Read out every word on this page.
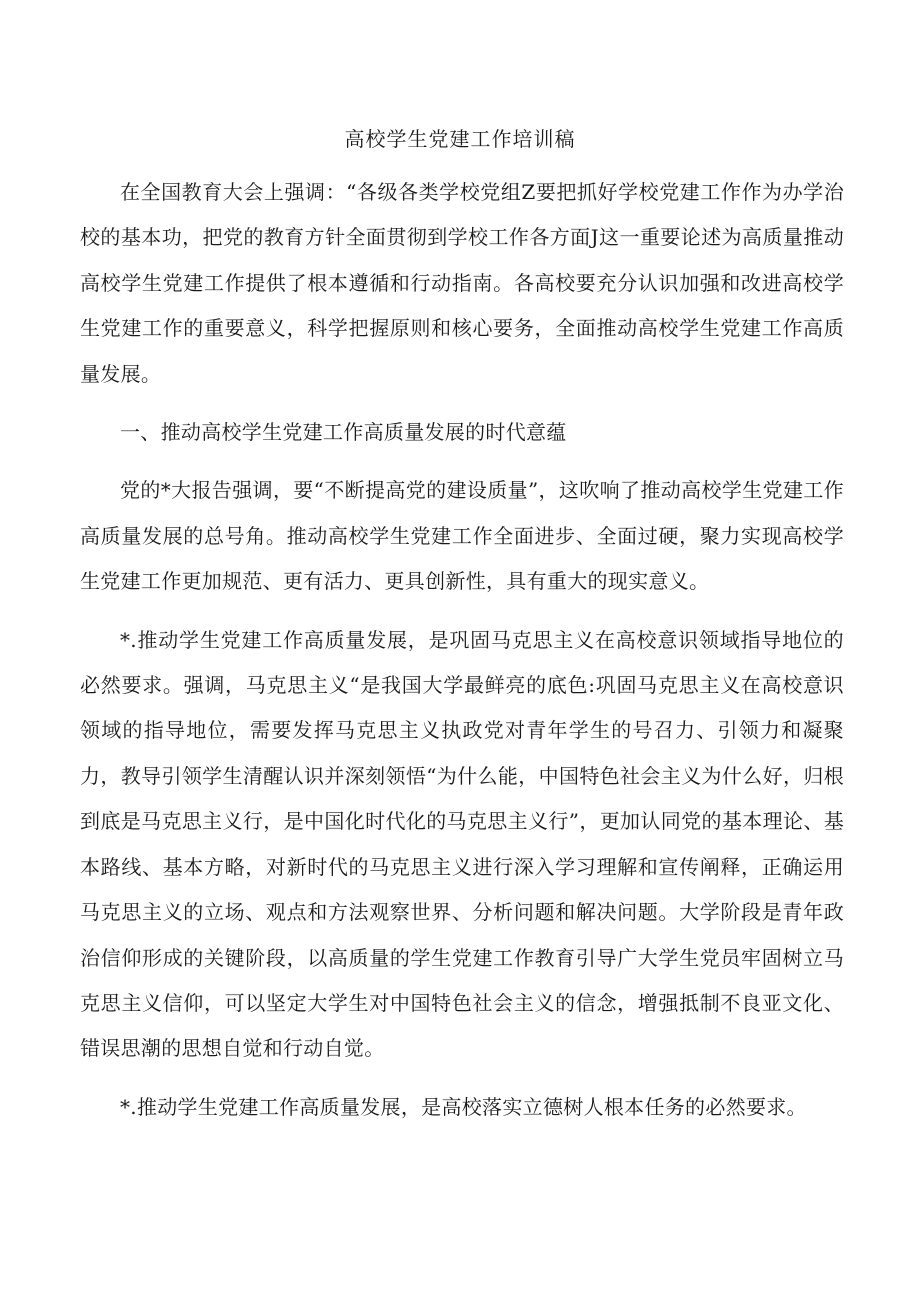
高校学生党建工作培训稿

在全国教育大会上强调：“各级各类学校党组Z要把抓好学校党建工作作为办学治校的基本功，把党的教育方针全面贯彻到学校工作各方面J这一重要论述为高质量推动高校学生党建工作提供了根本遵循和行动指南。各高校要充分认识加强和改进高校学生党建工作的重要意义，科学把握原则和核心要务，全面推动高校学生党建工作高质量发展。

一、推动高校学生党建工作高质量发展的时代意蕴

党的*大报告强调，要“不断提高党的建设质量”，这吹响了推动高校学生党建工作高质量发展的总号角。推动高校学生党建工作全面进步、全面过硬，聚力实现高校学生党建工作更加规范、更有活力、更具创新性，具有重大的现实意义。

*.推动学生党建工作高质量发展，是巩固马克思主义在高校意识领域指导地位的必然要求。强调，马克思主义“是我国大学最鲜亮的底色:巩固马克思主义在高校意识领域的指导地位，需要发挥马克思主义执政党对青年学生的号召力、引领力和凝聚力，教导引领学生清醒认识并深刻领悟“为什么能，中国特色社会主义为什么好，归根到底是马克思主义行，是中国化时代化的马克思主义行”，更加认同党的基本理论、基本路线、基本方略，对新时代的马克思主义进行深入学习理解和宣传阐释，正确运用马克思主义的立场、观点和方法观察世界、分析问题和解决问题。大学阶段是青年政治信仰形成的关键阶段，以高质量的学生党建工作教育引导广大学生党员牢固树立马克思主义信仰，可以坚定大学生对中国特色社会主义的信念，增强抵制不良亚文化、错误思潮的思想自觉和行动自觉。

*.推动学生党建工作高质量发展，是高校落实立德树人根本任务的必然要求。
